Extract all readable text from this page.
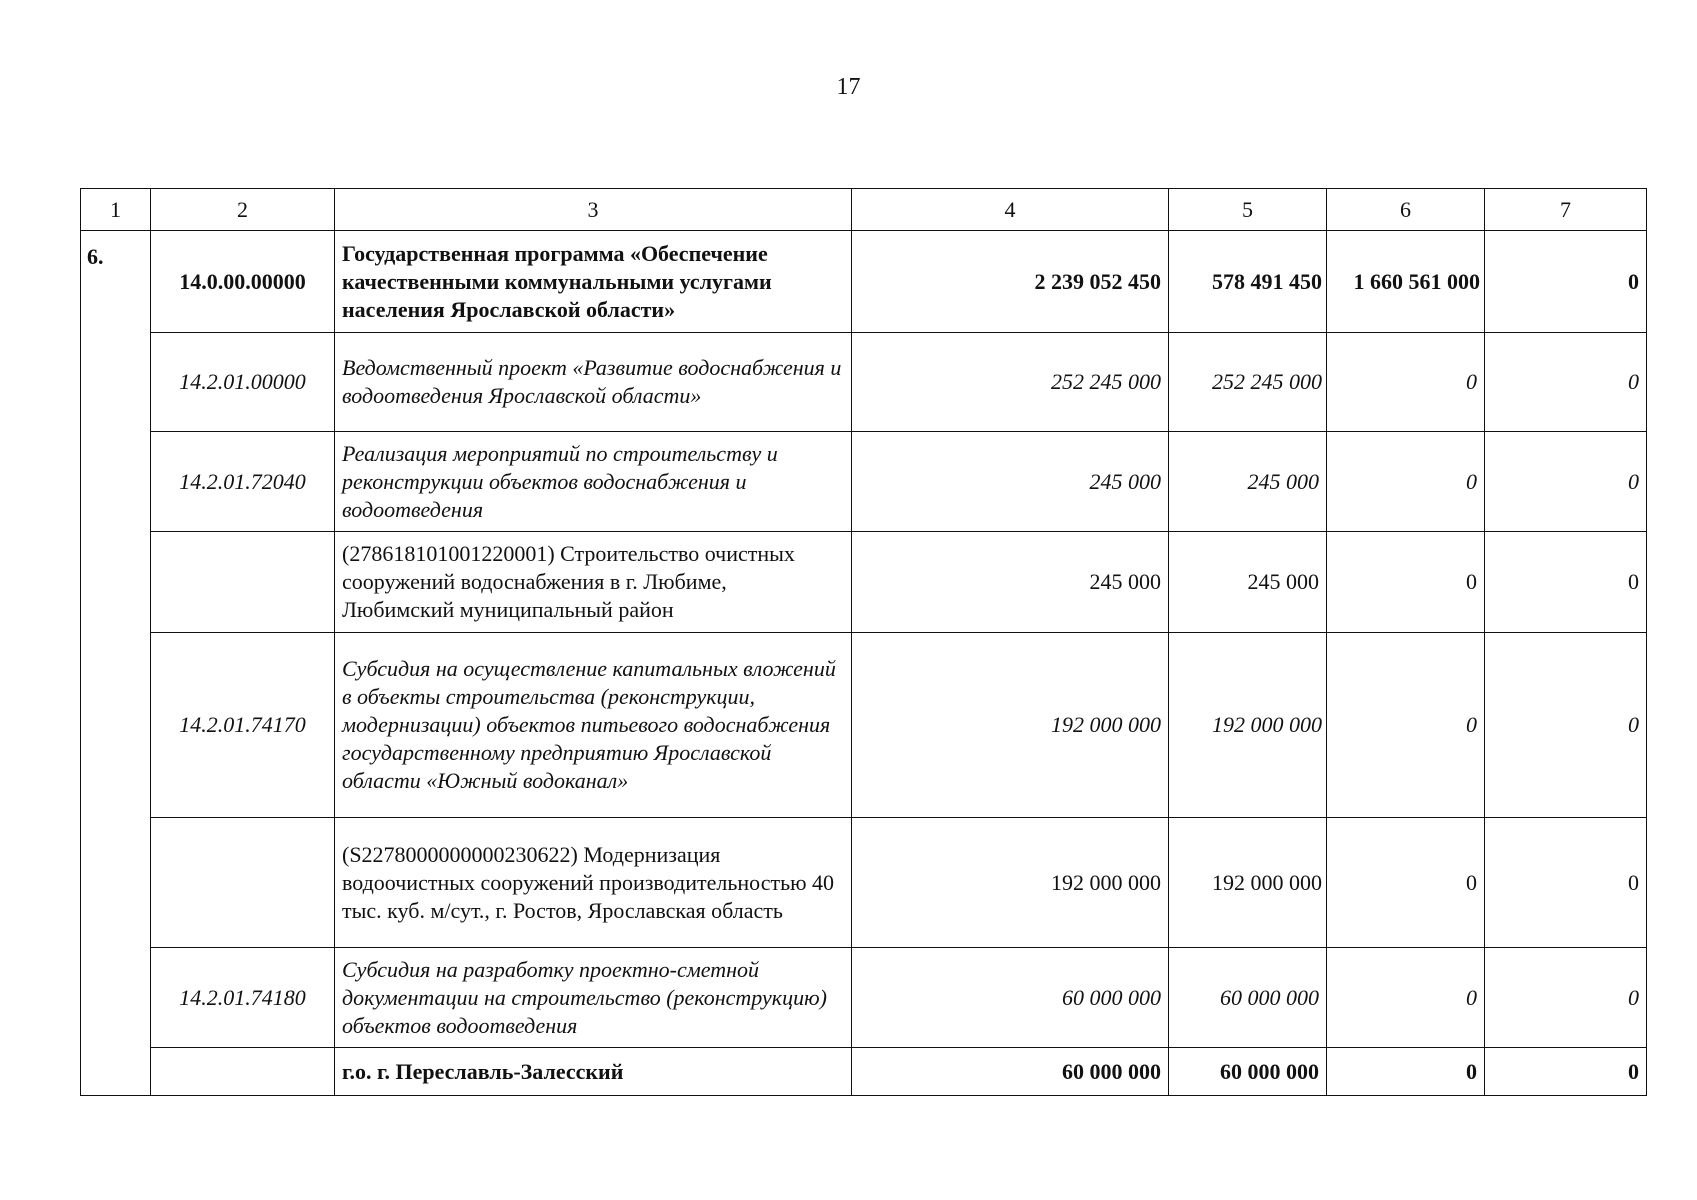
17
1	2	3	4	5	6	7
6.	14.0.00.00000	Государственная программа «Обеспечение качественными коммунальными услугами населения Ярославской области»	2 239 052 450	578 491 450	1 660 561 000	0
	14.2.01.00000	Ведомственный проект «Развитие водоснабжения и водоотведения Ярославской области»	252 245 000	252 245 000	0	0
	14.2.01.72040	Реализация мероприятий по строительству и реконструкции объектов водоснабжения и водоотведения	245 000	245 000	0	0
		(278618101001220001) Строительство очистных сооружений водоснабжения в г. Любиме, Любимский муниципальный район	245 000	245 000	0	0
	14.2.01.74170	Субсидия на осуществление капитальных вложений в объекты строительства (реконструкции, модернизации) объектов питьевого водоснабжения государственному предприятию Ярославской области «Южный водоканал»	192 000 000	192 000 000	0	0
		(S2278000000000230622) Модернизация водоочистных сооружений производительностью 40 тыс. куб. м/сут., г. Ростов, Ярославская область	192 000 000	192 000 000	0	0
	14.2.01.74180	Субсидия на разработку проектно-сметной документации на строительство (реконструкцию) объектов водоотведения	60 000 000	60 000 000	0	0
		г.о. г. Переславль-Залесский	60 000 000	60 000 000	0	0
